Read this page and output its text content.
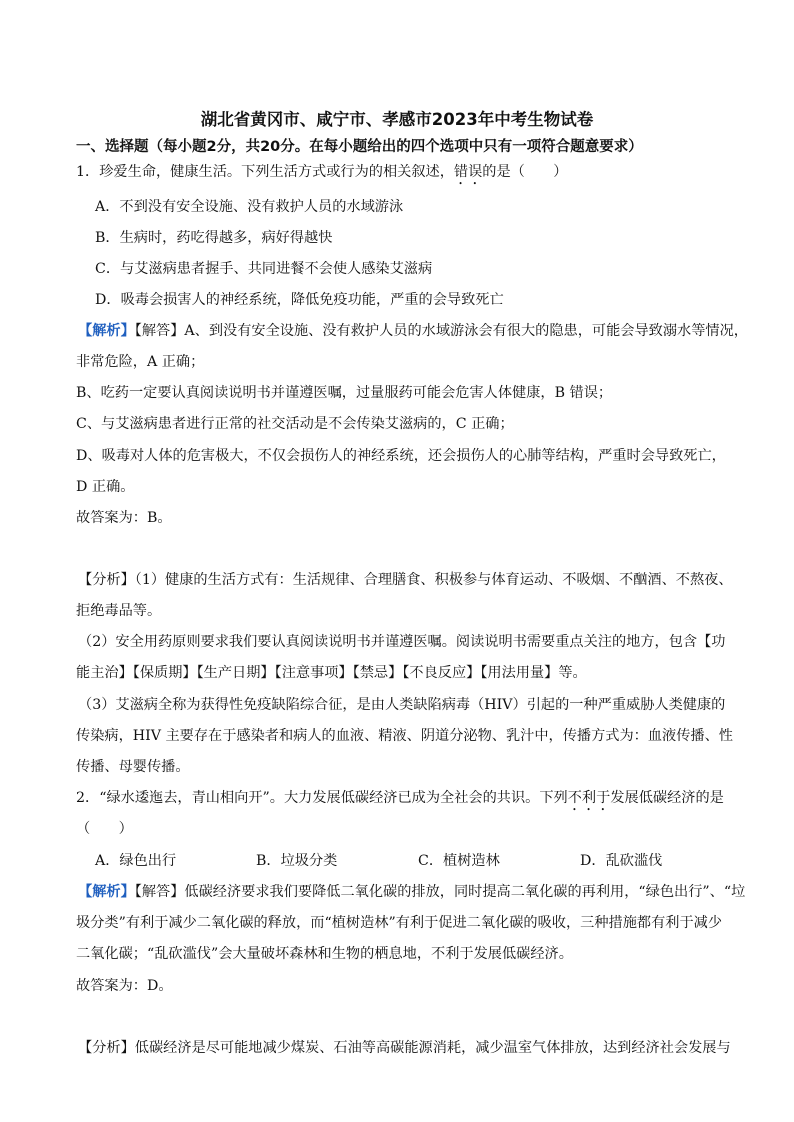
湖北省黄冈市、咸宁市、孝感市2023年中考生物试卷
一、选择题（每小题2分，共20分。在每小题给出的四个选项中只有一项符合题意要求）
1．珍爱生命，健康生活。下列生活方式或行为的相关叙述，错误的是（　　）
A．不到没有安全设施、没有救护人员的水域游泳
B．生病时，药吃得越多，病好得越快
C．与艾滋病患者握手、共同进餐不会使人感染艾滋病
D．吸毒会损害人的神经系统，降低免疫功能，严重的会导致死亡
【解析】【解答】A、到没有安全设施、没有救护人员的水域游泳会有很大的隐患，可能会导致溺水等情况，
非常危险，A 正确；
B、吃药一定要认真阅读说明书并谨遵医嘱，过量服药可能会危害人体健康，B 错误；
C、与艾滋病患者进行正常的社交活动是不会传染艾滋病的，C 正确；
D、吸毒对人体的危害极大，不仅会损伤人的神经系统，还会损伤人的心肺等结构，严重时会导致死亡，
D 正确。
故答案为：B。
【分析】（1）健康的生活方式有：生活规律、合理膳食、积极参与体育运动、不吸烟、不酗酒、不熬夜、
拒绝毒品等。
（2）安全用药原则要求我们要认真阅读说明书并谨遵医嘱。阅读说明书需要重点关注的地方，包含【功
能主治】【保质期】【生产日期】【注意事项】【禁忌】【不良反应】【用法用量】等。
（3）艾滋病全称为获得性免疫缺陷综合征，是由人类缺陷病毒（HIV）引起的一种严重威胁人类健康的
传染病，HIV 主要存在于感染者和病人的血液、精液、阴道分泌物、乳汁中，传播方式为：血液传播、性
传播、母婴传播。
2．“绿水逶迤去，青山相向开”。大力发展低碳经济已成为全社会的共识。下列不利于发展低碳经济的是
（　　）
A．绿色出行	B．垃圾分类	C．植树造林	D．乱砍滥伐
【解析】【解答】低碳经济要求我们要降低二氧化碳的排放，同时提高二氧化碳的再利用，“绿色出行”、“垃
圾分类”有利于减少二氧化碳的释放，而“植树造林”有利于促进二氧化碳的吸收，三种措施都有利于减少
二氧化碳；“乱砍滥伐”会大量破坏森林和生物的栖息地，不利于发展低碳经济。
故答案为：D。
【分析】低碳经济是尽可能地减少煤炭、石油等高碳能源消耗，减少温室气体排放，达到经济社会发展与
